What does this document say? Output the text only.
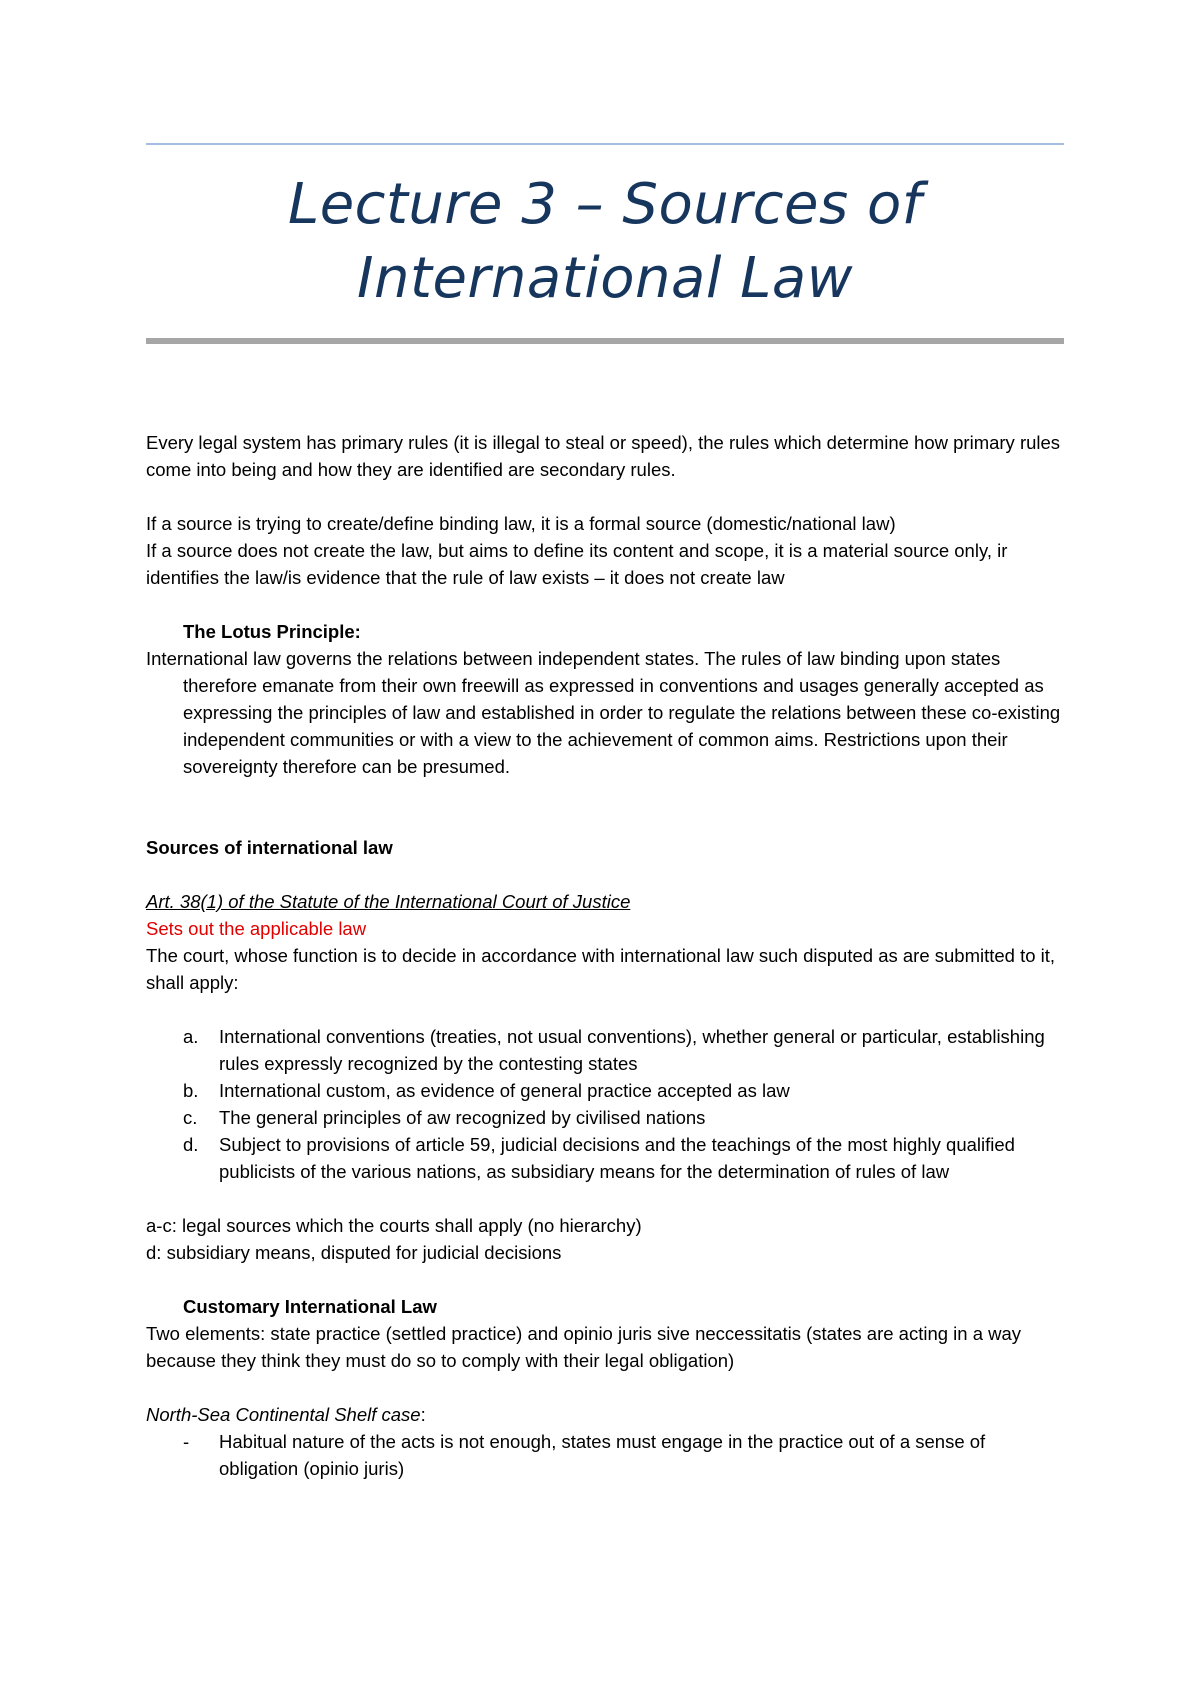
Lecture 3 – Sources of
International Law

Every legal system has primary rules (it is illegal to steal or speed), the rules which determine how primary rules come into being and how they are identified are secondary rules.

If a source is trying to create/define binding law, it is a formal source (domestic/national law)

If a source does not create the law, but aims to define its content and scope, it is a material source only, ir identifies the law/is evidence that the rule of law exists – it does not create law

The Lotus Principle:

International law governs the relations between independent states. The rules of law binding upon states therefore emanate from their own freewill as expressed in conventions and usages generally accepted as expressing the principles of law and established in order to regulate the relations between these co-existing independent communities or with a view to the achievement of common aims. Restrictions upon their sovereignty therefore can be presumed.

Sources of international law

Art. 38(1) of the Statute of the International Court of Justice

Sets out the applicable law

The court, whose function is to decide in accordance with international law such disputed as are submitted to it, shall apply:

a. International conventions (treaties, not usual conventions), whether general or particular, establishing rules expressly recognized by the contesting states
b. International custom, as evidence of general practice accepted as law
c. The general principles of aw recognized by civilised nations
d. Subject to provisions of article 59, judicial decisions and the teachings of the most highly qualified publicists of the various nations, as subsidiary means for the determination of rules of law

a-c: legal sources which the courts shall apply (no hierarchy)

d: subsidiary means, disputed for judicial decisions

Customary International Law

Two elements: state practice (settled practice) and opinio juris sive neccessitatis (states are acting in a way because they think they must do so to comply with their legal obligation)

North-Sea Continental Shelf case:

- Habitual nature of the acts is not enough, states must engage in the practice out of a sense of obligation (opinio juris)
